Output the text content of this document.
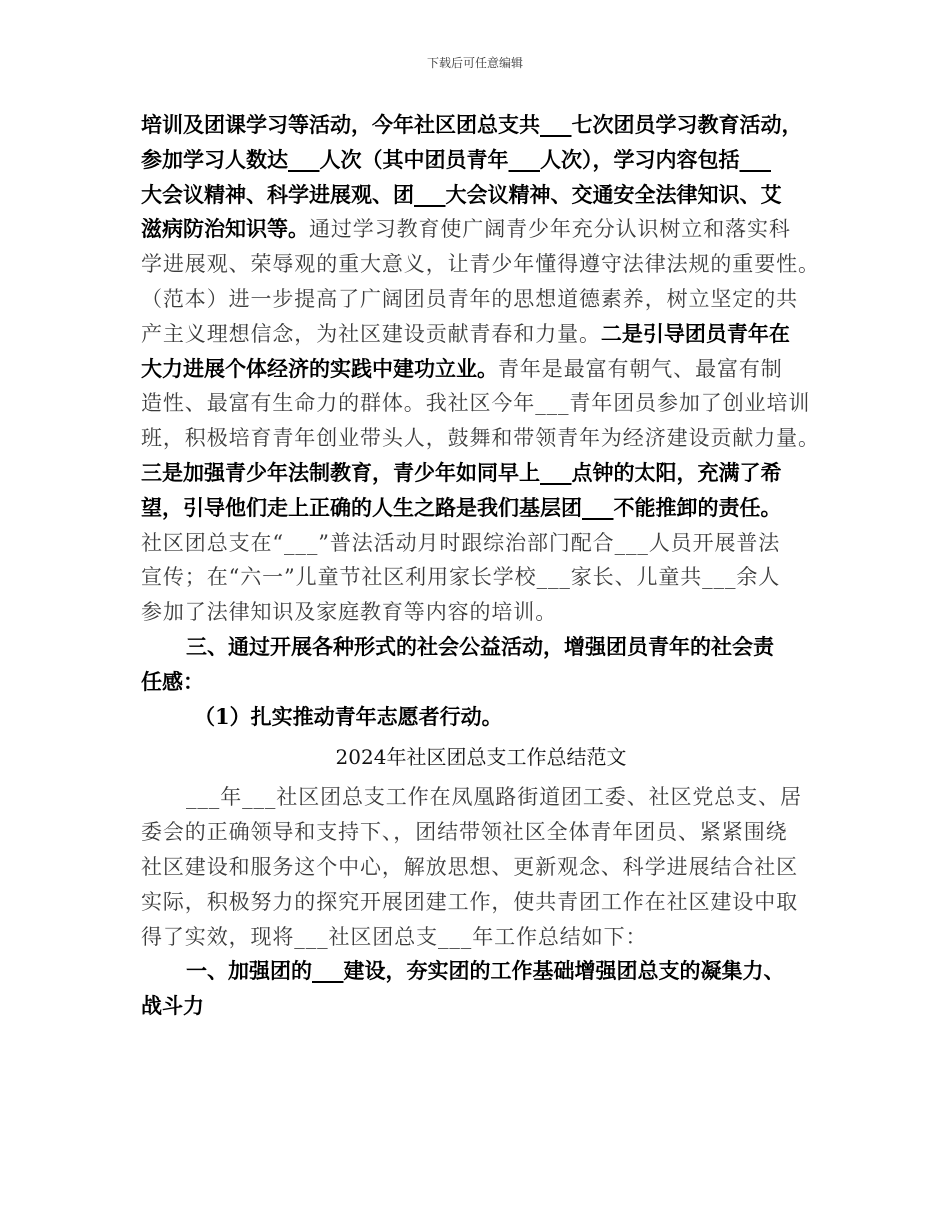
下载后可任意编辑
培训及团课学习等活动，今年社区团总支共___七次团员学习教育活动，
参加学习人数达___人次（其中团员青年___人次），学习内容包括___
大会议精神、科学进展观、团___大会议精神、交通安全法律知识、艾
滋病防治知识等。通过学习教育使广阔青少年充分认识树立和落实科
学进展观、荣辱观的重大意义，让青少年懂得遵守法律法规的重要性。
（范本）进一步提高了广阔团员青年的思想道德素养，树立坚定的共
产主义理想信念，为社区建设贡献青春和力量。二是引导团员青年在
大力进展个体经济的实践中建功立业。青年是最富有朝气、最富有制
造性、最富有生命力的群体。我社区今年___青年团员参加了创业培训
班，积极培育青年创业带头人，鼓舞和带领青年为经济建设贡献力量。
三是加强青少年法制教育，青少年如同早上___点钟的太阳，充满了希
望，引导他们走上正确的人生之路是我们基层团___不能推卸的责任。
社区团总支在“___”普法活动月时跟综治部门配合___人员开展普法
宣传；在“六一”儿童节社区利用家长学校___家长、儿童共___余人
参加了法律知识及家庭教育等内容的培训。
三、通过开展各种形式的社会公益活动，增强团员青年的社会责
任感：
（1）扎实推动青年志愿者行动。
2024年社区团总支工作总结范文
___年___社区团总支工作在凤凰路街道团工委、社区党总支、居
委会的正确领导和支持下、，团结带领社区全体青年团员、紧紧围绕
社区建设和服务这个中心，解放思想、更新观念、科学进展结合社区
实际，积极努力的探究开展团建工作，使共青团工作在社区建设中取
得了实效，现将___社区团总支___年工作总结如下：
一、加强团的___建设，夯实团的工作基础增强团总支的凝集力、
战斗力
